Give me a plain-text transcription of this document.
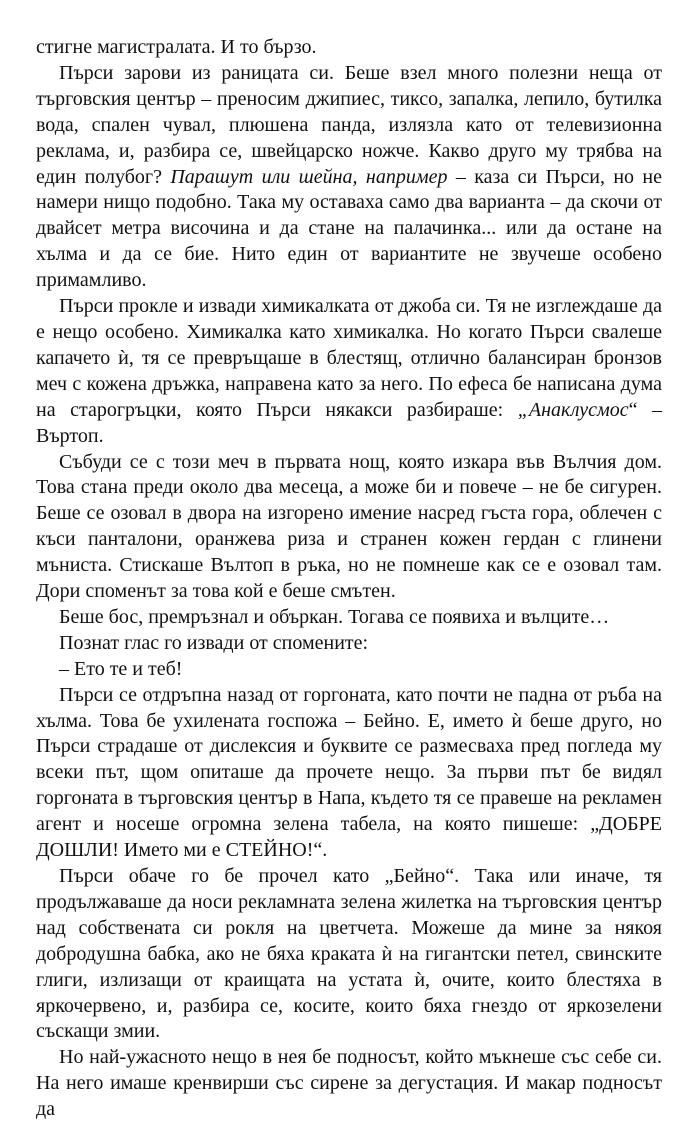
стигне магистралата. И то бързо.

Пърси зарови из раницата си. Беше взел много полезни неща от търговския център – преносим джипиес, тиксо, запалка, лепило, бутилка вода, спален чувал, плюшена панда, излязла като от телевизионна реклама, и, разбира се, швейцарско ножче. Какво друго му трябва на един полубог? Парашут или шейна, например – каза си Пърси, но не намери нищо подобно. Така му оставаха само два варианта – да скочи от двайсет метра височина и да стане на палачинка... или да остане на хълма и да се бие. Нито един от вариантите не звучеше особено примамливо.

Пърси прокле и извади химикалката от джоба си. Тя не изглеждаше да е нещо особено. Химикалка като химикалка. Но когато Пърси свалеше капачето ѝ, тя се превръщаше в блестящ, отлично балансиран бронзов меч с кожена дръжка, направена като за него. По ефеса бе написана дума на старогръцки, която Пърси някакси разбираше: „Анаклусмос“ – Въртоп.

Събуди се с този меч в първата нощ, която изкара във Вълчия дом. Това стана преди около два месеца, а може би и повече – не бе сигурен. Беше се озовал в двора на изгорено имение насред гъста гора, облечен с къси панталони, оранжева риза и странен кожен гердан с глинени мъниста. Стискаше Вълтоп в ръка, но не помнеше как се е озовал там. Дори споменът за това кой е беше смътен.

Беше бос, премръзнал и объркан. Тогава се появиха и вълците…

Познат глас го извади от спомените:

– Ето те и теб!

Пърси се отдръпна назад от горгоната, като почти не падна от ръба на хълма. Това бе ухилената госпожа – Бейно. Е, името ѝ беше друго, но Пърси страдаше от дислексия и буквите се размесваха пред погледа му всеки път, щом опиташе да прочете нещо. За първи път бе видял горгоната в търговския център в Напа, където тя се правеше на рекламен агент и носеше огромна зелена табела, на която пишеше: „ДОБРЕ ДОШЛИ! Името ми е СТЕЙНО!“.

Пърси обаче го бе прочел като „Бейно“. Така или иначе, тя продължаваше да носи рекламната зелена жилетка на търговския център над собствената си рокля на цветчета. Можеше да мине за някоя добродушна бабка, ако не бяха краката ѝ на гигантски петел, свинските глиги, излизащи от краищата на устата ѝ, очите, които блестяха в яркочервено, и, разбира се, косите, които бяха гнездо от яркозелени съскащи змии.

Но най-ужасното нещо в нея бе подносът, който мъкнеше със себе си. На него имаше кренвирши със сирене за дегустация. И макар подносът да
